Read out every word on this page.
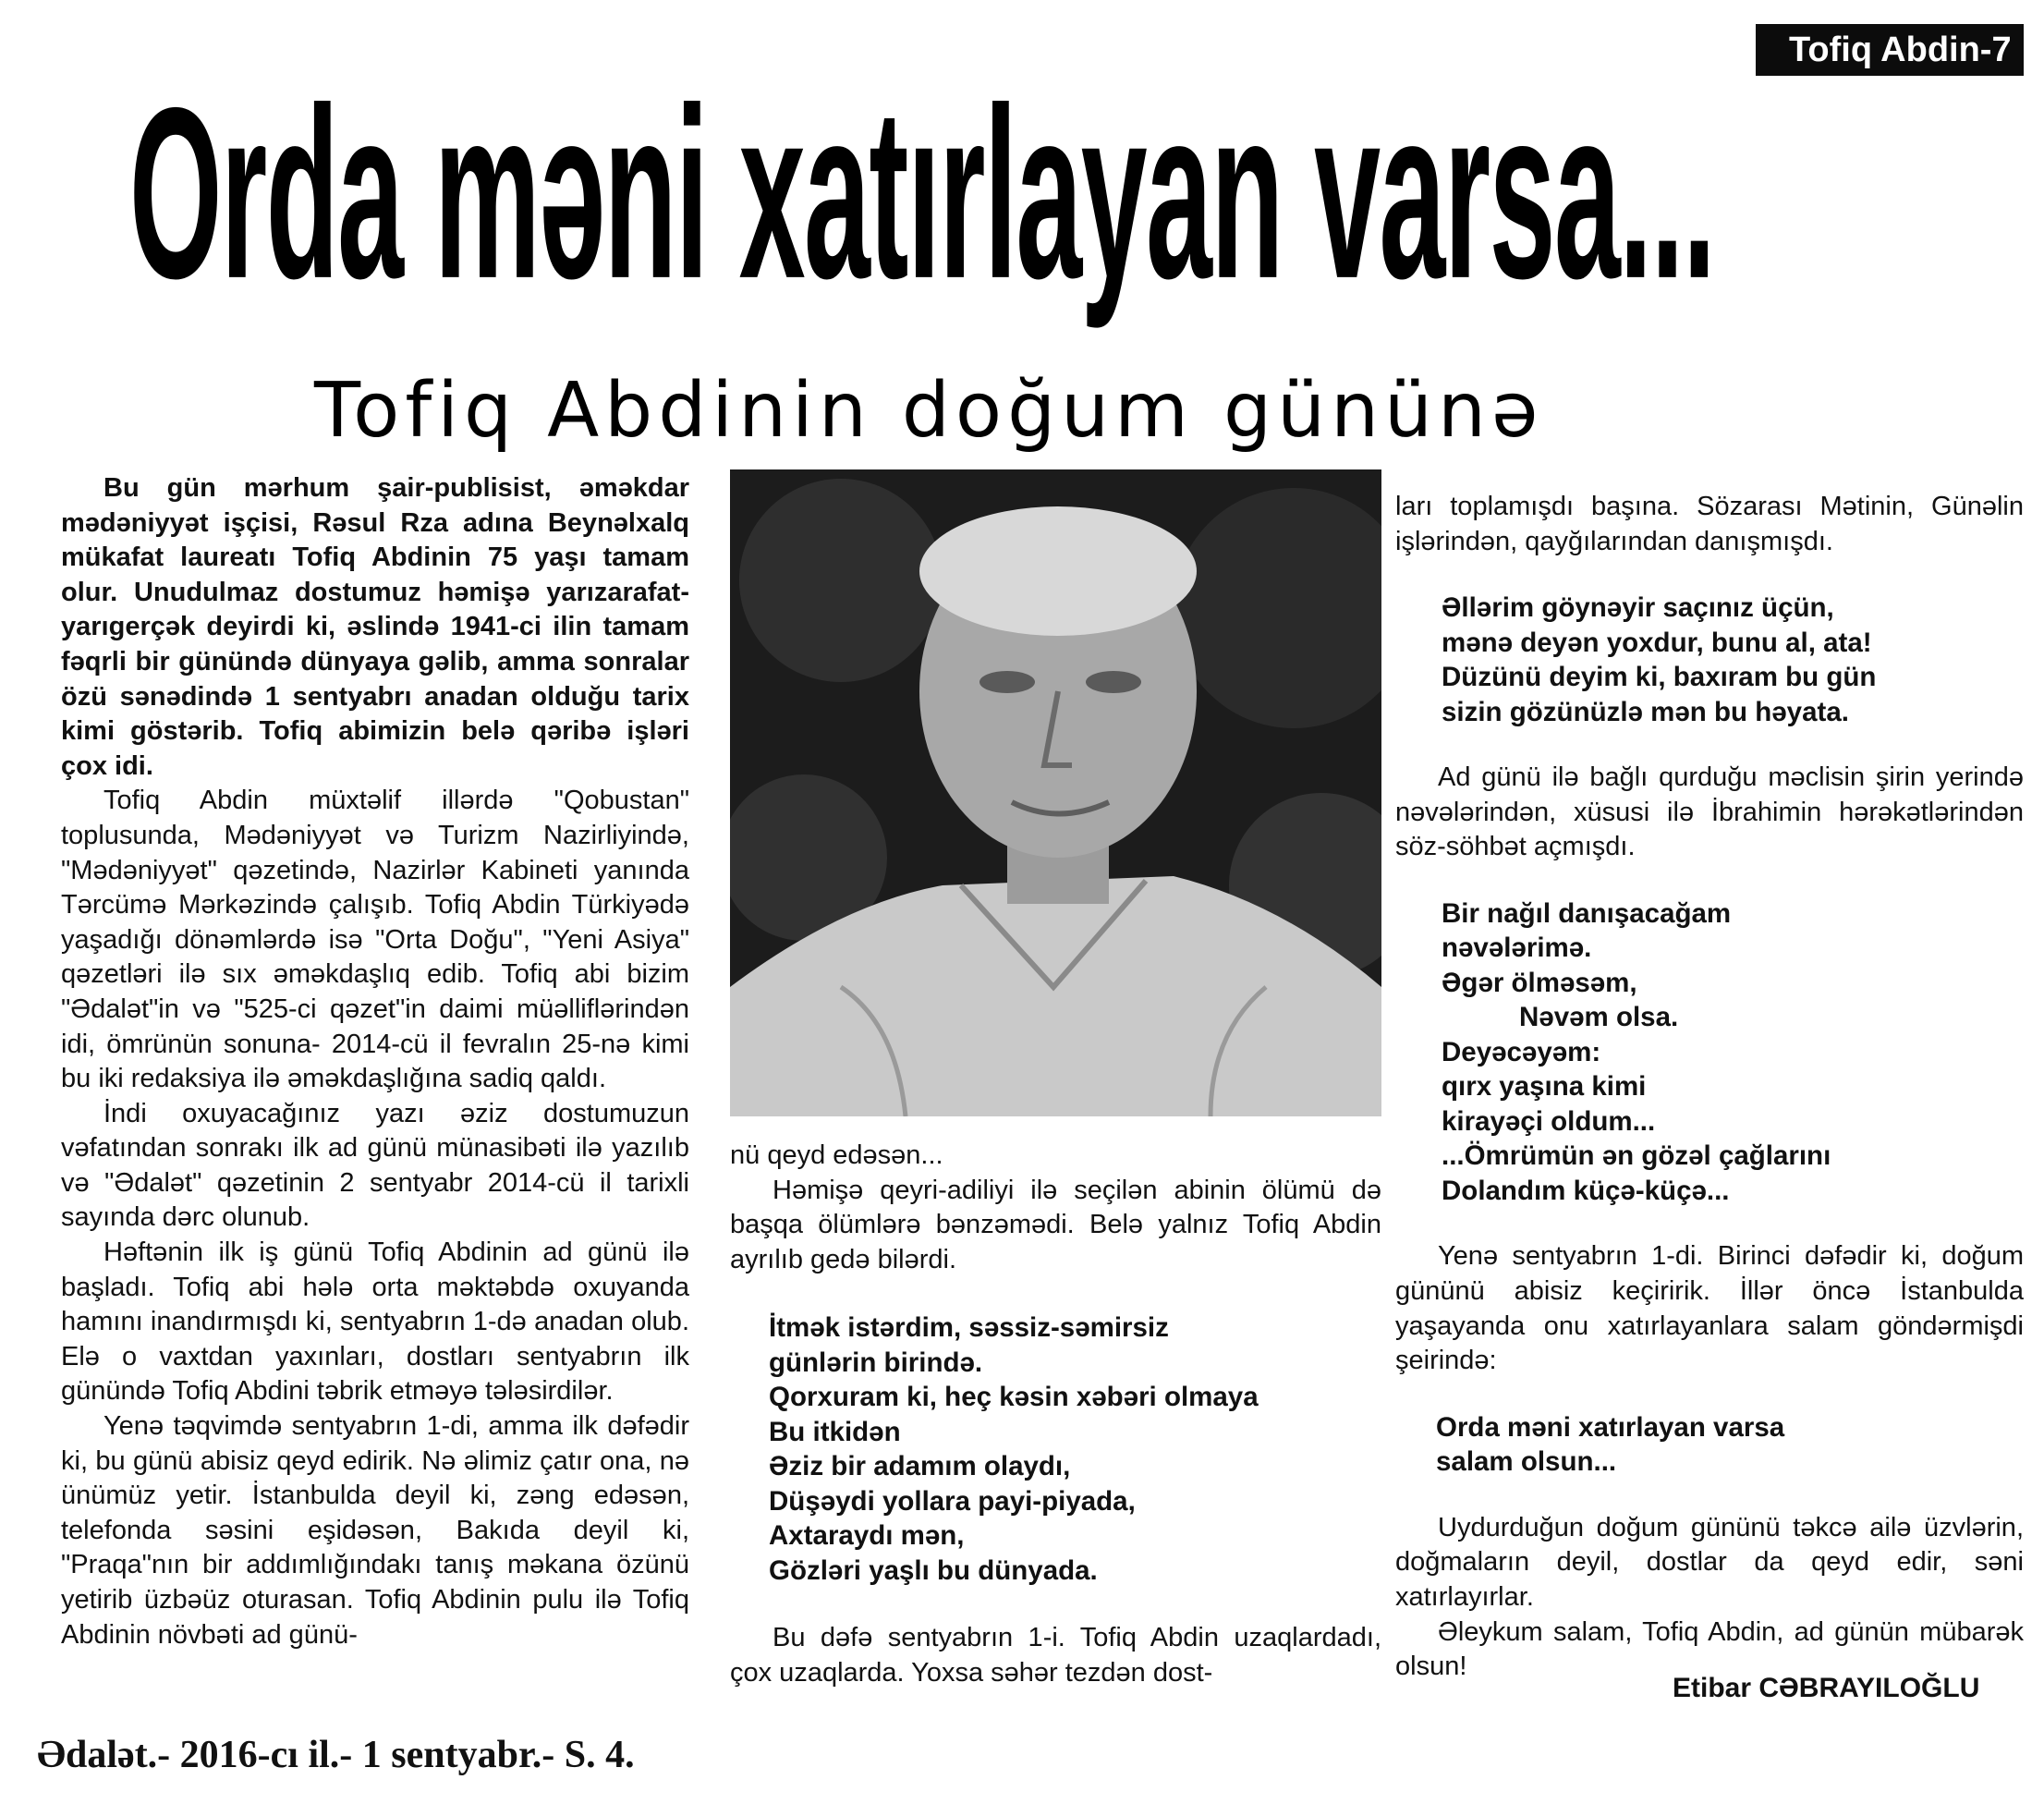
Tofiq Abdin-7
Orda məni xatırlayan varsa...
Tofiq Abdinin doğum gününə

Bu gün mərhum şair-publisist, əməkdar mədəniyyət işçisi, Rəsul Rza adına Beynəlxalq mükafat laureatı Tofiq Abdinin 75 yaşı tamam olur. Unudulmaz dostumuz həmişə yarızarafat-yarıgerçək deyirdi ki, əslində 1941-ci ilin tamam fəqrli bir günündə dünyaya gəlib, amma sonralar özü sənədində 1 sentyabrı anadan olduğu tarix kimi göstərib. Tofiq abimizin belə qəribə işləri çox idi.

Tofiq Abdin müxtəlif illərdə "Qobustan" toplusunda, Mədəniyyət və Turizm Nazirliyində, "Mədəniyyət" qəzetində, Nazirlər Kabineti yanında Tərcümə Mərkəzində çalışıb. Tofiq Abdin Türkiyədə yaşadığı dönəmlərdə isə "Orta Doğu", "Yeni Asiya" qəzetləri ilə sıx əməkdaşlıq edib. Tofiq abi bizim "Ədalət"in və "525-ci qəzet"in daimi müəlliflərindən idi, ömrünün sonuna- 2014-cü il fevralın 25-nə kimi bu iki redaksiya ilə əməkdaşlığına sadiq qaldı.

İndi oxuyacağınız yazı əziz dostumuzun vəfatından sonrakı ilk ad günü münasibəti ilə yazılıb və "Ədalət" qəzetinin 2 sentyabr 2014-cü il tarixli sayında dərc olunub.

Həftənin ilk iş günü Tofiq Abdinin ad günü ilə başladı. Tofiq abi hələ orta məktəbdə oxuyanda hamını inandırmışdı ki, sentyabrın 1-də anadan olub. Elə o vaxtdan yaxınları, dostları sentyabrın ilk günündə Tofiq Abdini təbrik etməyə tələsirdilər.

Yenə təqvimdə sentyabrın 1-di, amma ilk dəfədir ki, bu günü abisiz qeyd edirik. Nə əlimiz çatır ona, nə ünümüz yetir. İstanbulda deyil ki, zəng edəsən, telefonda səsini eşidəsən, Bakıda deyil ki, "Praqa"nın bir addımlığındakı tanış məkana özünü yetirib üzbəüz oturasan. Tofiq Abdinin pulu ilə Tofiq Abdinin növbəti ad günü-

nü qeyd edəsən...

Həmişə qeyri-adiliyi ilə seçilən abinin ölümü də başqa ölümlərə bənzəmədi. Belə yalnız Tofiq Abdin ayrılıb gedə bilərdi.

İtmək istərdim, səssiz-səmirsiz
günlərin birində.
Qorxuram ki, heç kəsin xəbəri olmaya
Bu itkidən
Əziz bir adamım olaydı,
Düşəydi yollara payi-piyada,
Axtaraydı mən,
Gözləri yaşlı bu dünyada.

Bu dəfə sentyabrın 1-i. Tofiq Abdin uzaqlardadı, çox uzaqlarda. Yoxsa səhər tezdən dost-

ları toplamışdı başına. Sözarası Mətinin, Günəlin işlərindən, qayğılarından danışmışdı.

Əllərim göynəyir saçınız üçün,
mənə deyən yoxdur, bunu al, ata!
Düzünü deyim ki, baxıram bu gün
sizin gözünüzlə mən bu həyata.

Ad günü ilə bağlı qurduğu məclisin şirin yerində nəvələrindən, xüsusi ilə İbrahimin hərəkətlərindən söz-söhbət açmışdı.

Bir nağıl danışacağam
nəvələrimə.
Əgər ölməsəm,
Nəvəm olsa.
Deyəcəyəm:
qırx yaşına kimi
kirayəçi oldum...
...Ömrümün ən gözəl çağlarını
Dolandım küçə-küçə...

Yenə sentyabrın 1-di. Birinci dəfədir ki, doğum gününü abisiz keçiririk. İllər öncə İstanbulda yaşayanda onu xatırlayanlara salam göndərmişdi şeirində:

Orda məni xatırlayan varsa
salam olsun...

Uydurduğun doğum gününü təkcə ailə üzvlərin, doğmaların deyil, dostlar da qeyd edir, səni xatırlayırlar.

Əleykum salam, Tofiq Abdin, ad günün mübarək olsun!

Etibar CƏBRAYILOĞLU
Ədalət.- 2016-cı il.- 1 sentyabr.- S. 4.
